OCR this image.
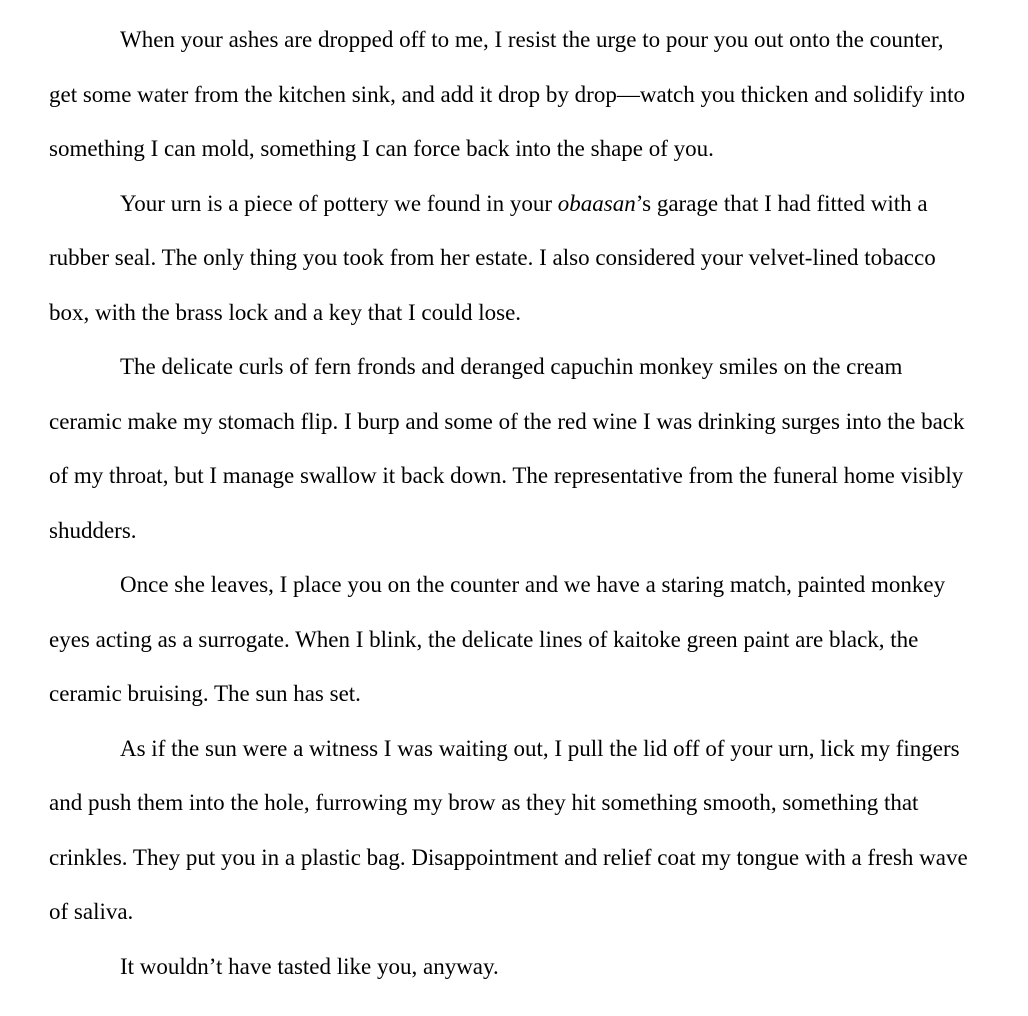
When your ashes are dropped off to me, I resist the urge to pour you out onto the counter, get some water from the kitchen sink, and add it drop by drop—watch you thicken and solidify into something I can mold, something I can force back into the shape of you.

Your urn is a piece of pottery we found in your obaasan’s garage that I had fitted with a rubber seal. The only thing you took from her estate. I also considered your velvet-lined tobacco box, with the brass lock and a key that I could lose.

The delicate curls of fern fronds and deranged capuchin monkey smiles on the cream ceramic make my stomach flip. I burp and some of the red wine I was drinking surges into the back of my throat, but I manage swallow it back down. The representative from the funeral home visibly shudders.

Once she leaves, I place you on the counter and we have a staring match, painted monkey eyes acting as a surrogate. When I blink, the delicate lines of kaitoke green paint are black, the ceramic bruising. The sun has set.

As if the sun were a witness I was waiting out, I pull the lid off of your urn, lick my fingers and push them into the hole, furrowing my brow as they hit something smooth, something that crinkles. They put you in a plastic bag. Disappointment and relief coat my tongue with a fresh wave of saliva.

It wouldn’t have tasted like you, anyway.
